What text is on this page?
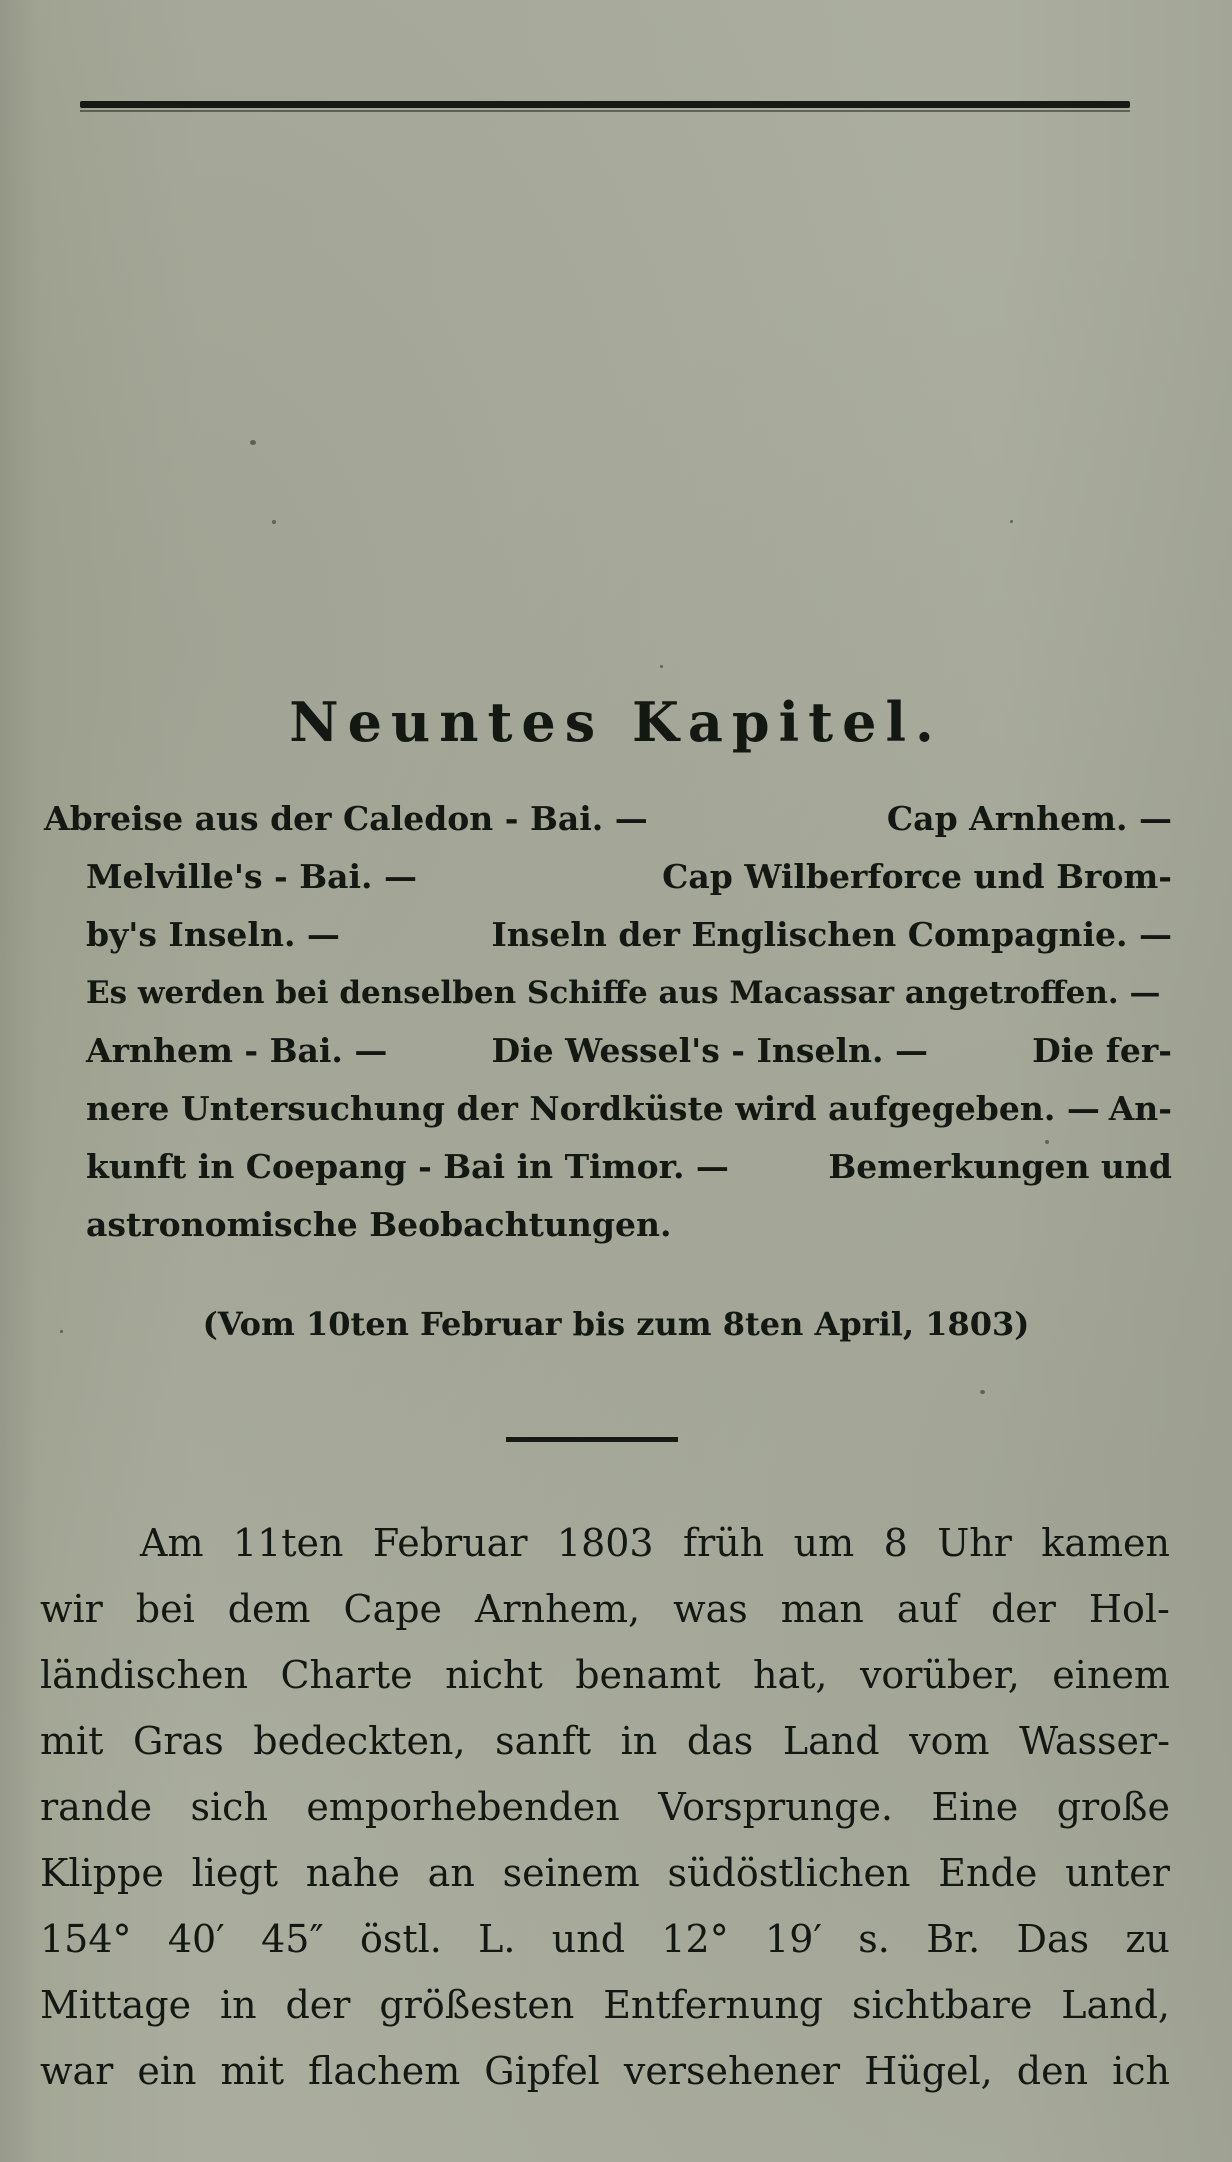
Neuntes Kapitel.
Abreise aus der Caledon - Bai. —	Cap Arnhem. —
Melville's - Bai. —	Cap Wilberforce und Brom-
by's Inseln. —	Inseln der Englischen Compagnie. —
Es werden bei denselben Schiffe aus Macassar angetroffen. —
Arnhem - Bai. —	Die Wessel's - Inseln. —	Die fer-
nere Untersuchung der Nordküste wird aufgegeben. — An-
kunft in Coepang - Bai in Timor. —	Bemerkungen und
astronomische Beobachtungen.
(Vom 10ten Februar bis zum 8ten April, 1803)
Am 11ten Februar 1803 früh um 8 Uhr kamen
wir bei dem Cape Arnhem, was man auf der Hol-
ländischen Charte nicht benamt hat, vorüber, einem
mit Gras bedeckten, sanft in das Land vom Wasser-
rande sich emporhebenden Vorsprunge. Eine große
Klippe liegt nahe an seinem südöstlichen Ende unter
154° 40′ 45″ östl. L. und 12° 19′ s. Br. Das zu
Mittage in der größesten Entfernung sichtbare Land,
war ein mit flachem Gipfel versehener Hügel, den ich
